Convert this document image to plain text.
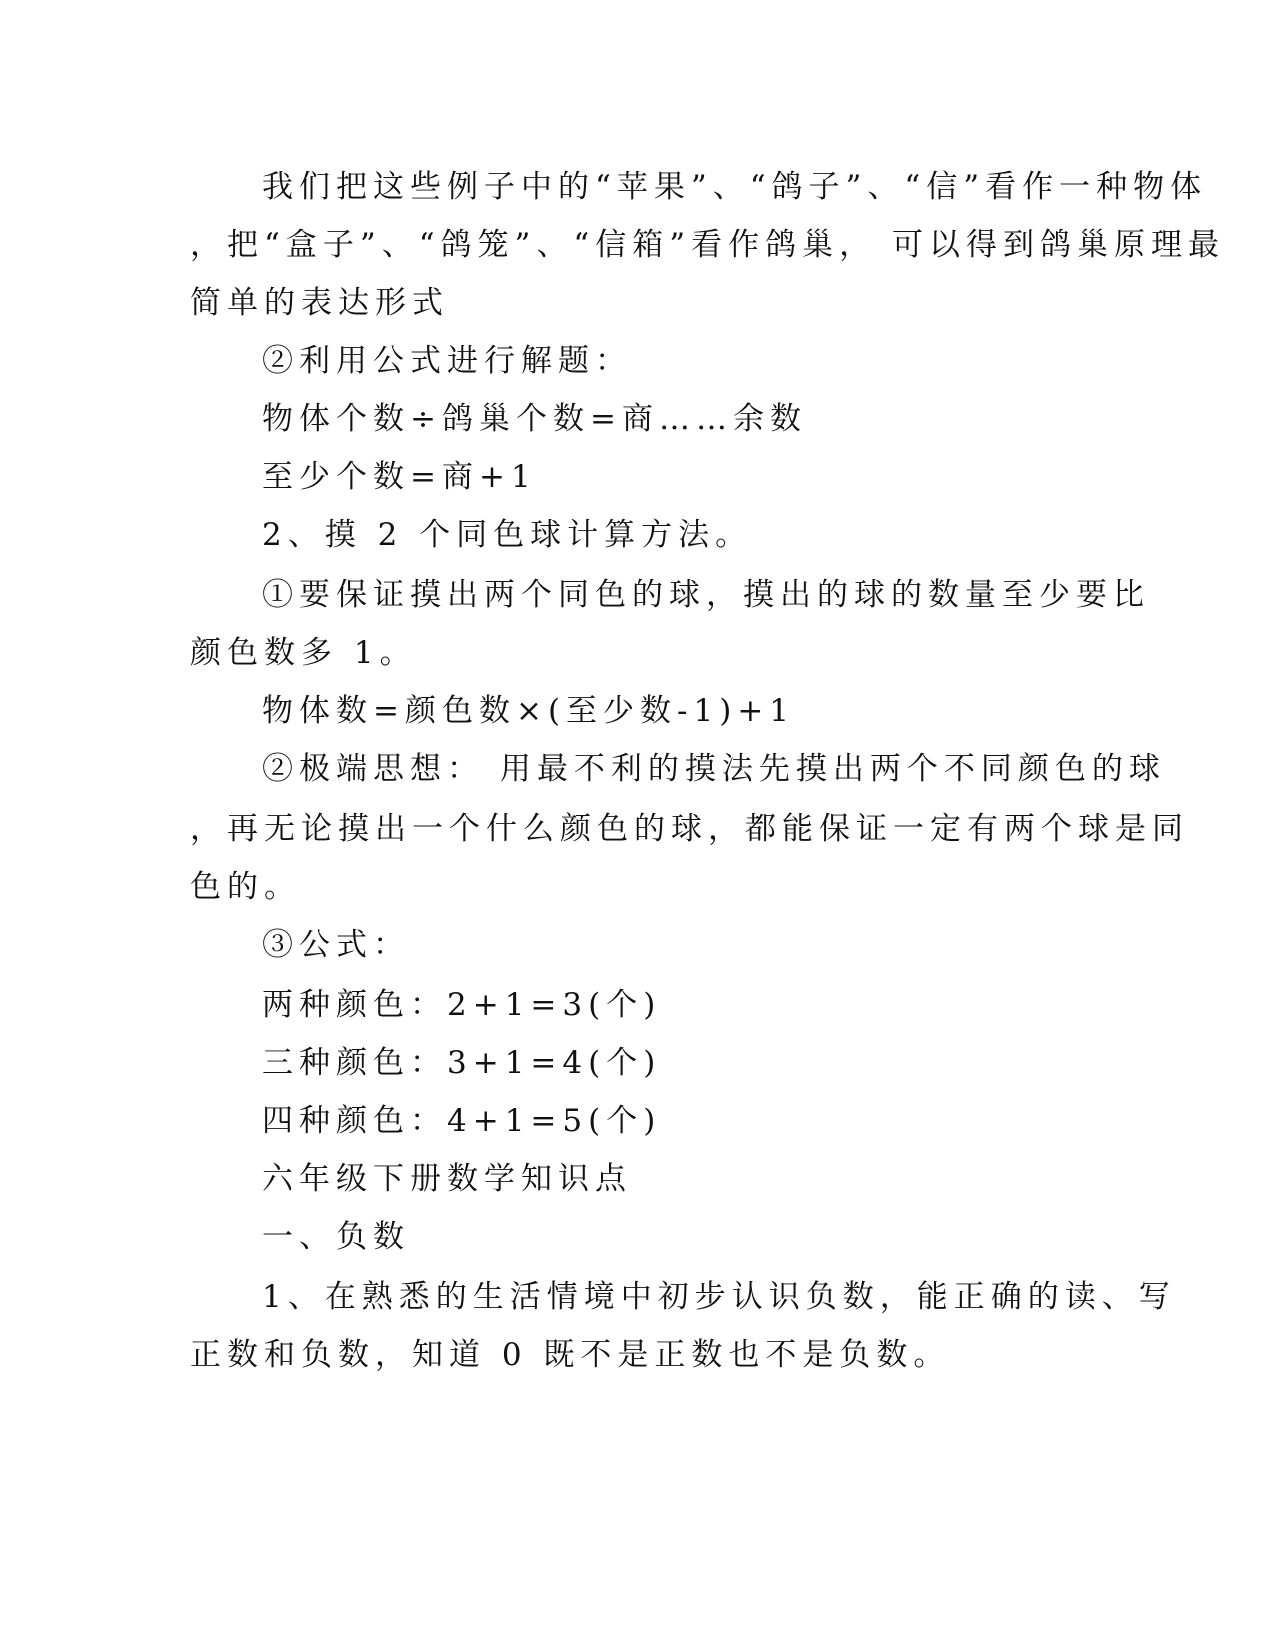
我们把这些例子中的“苹果”、“鸽子”、“信”看作一种物体
，把“盒子”、“鸽笼”、“信箱”看作鸽巢， 可以得到鸽巢原理最
简单的表达形式
②利用公式进行解题：
物体个数÷鸽巢个数=商……余数
至少个数=商+1
2、摸 2 个同色球计算方法。
①要保证摸出两个同色的球，摸出的球的数量至少要比
颜色数多 1。
物体数=颜色数×(至少数-1)+1
②极端思想： 用最不利的摸法先摸出两个不同颜色的球
，再无论摸出一个什么颜色的球，都能保证一定有两个球是同
色的。
③公式：
两种颜色：2+1=3(个)
三种颜色：3+1=4(个)
四种颜色：4+1=5(个)
六年级下册数学知识点
一、负数
1、在熟悉的生活情境中初步认识负数，能正确的读、写
正数和负数，知道 0 既不是正数也不是负数。
